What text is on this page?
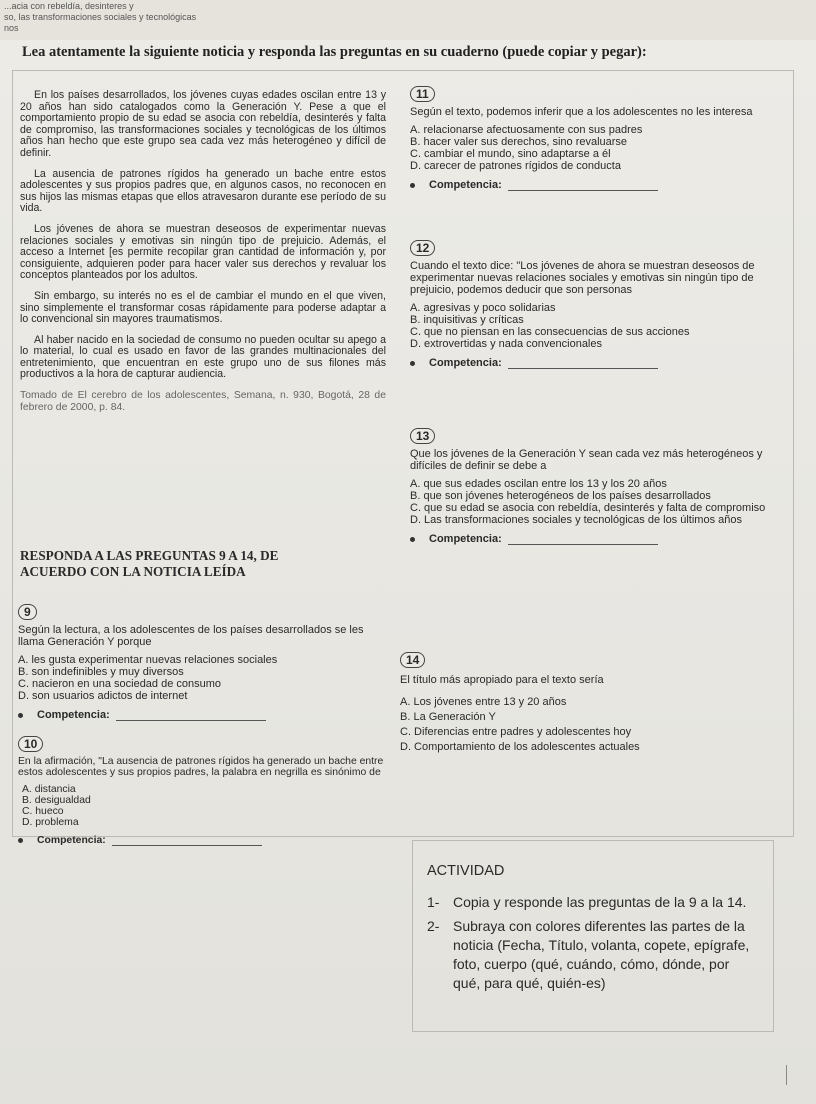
...acia con rebeldía, desinteres y
so, las transformaciones sociales y tecnológicas
nos
Lea atentamente la siguiente noticia y responda las preguntas en su cuaderno (puede copiar y pegar):

En los países desarrollados, los jóvenes cuyas edades oscilan entre 13 y 20 años han sido catalogados como la Generación Y. Pese a que el comportamiento propio de su edad se asocia con rebeldía, desinterés y falta de compromiso, las transformaciones sociales y tecnológicas de los últimos años han hecho que este grupo sea cada vez más heterogéneo y difícil de definir.

La ausencia de patrones rígidos ha generado un bache entre estos adolescentes y sus propios padres que, en algunos casos, no reconocen en sus hijos las mismas etapas que ellos atravesaron durante ese período de su vida.

Los jóvenes de ahora se muestran deseosos de experimentar nuevas relaciones sociales y emotivas sin ningún tipo de prejuicio. Además, el acceso a Internet [es permite recopilar gran cantidad de información y, por consiguiente, adquieren poder para hacer valer sus derechos y revaluar los conceptos planteados por los adultos.

Sin embargo, su interés no es el de cambiar el mundo en el que viven, sino simplemente el transformar cosas rápidamente para poderse adaptar a lo convencional sin mayores traumatismos.

Al haber nacido en la sociedad de consumo no pueden ocultar su apego a lo material, lo cual es usado en favor de las grandes multinacionales del entretenimiento, que encuentran en este grupo uno de sus filones más productivos a la hora de capturar audiencia.

Tomado de El cerebro de los adolescentes, Semana, n. 930, Bogotá, 28 de febrero de 2000, p. 84.

RESPONDA A LAS PREGUNTAS 9 A 14, DE ACUERDO CON LA NOTICIA LEÍDA

9
Según la lectura, a los adolescentes de los países desarrollados se les llama Generación Y porque
A. les gusta experimentar nuevas relaciones sociales
B. son indefinibles y muy diversos
C. nacieron en una sociedad de consumo
D. son usuarios adictos de internet
Competencia:
10
En la afirmación, "La ausencia de patrones rígidos ha generado un bache entre estos adolescentes y sus propios padres, la palabra en negrilla es sinónimo de
A. distancia
B. desigualdad
C. hueco
D. problema
Competencia:
11
Según el texto, podemos inferir que a los adolescentes no les interesa
A. relacionarse afectuosamente con sus padres
B. hacer valer sus derechos, sino revaluarse
C. cambiar el mundo, sino adaptarse a él
D. carecer de patrones rígidos de conducta
Competencia:
12
Cuando el texto dice: "Los jóvenes de ahora se muestran deseosos de experimentar nuevas relaciones sociales y emotivas sin ningún tipo de prejuicio, podemos deducir que son personas
A. agresivas y poco solidarias
B. inquisitivas y críticas
C. que no piensan en las consecuencias de sus acciones
D. extrovertidas y nada convencionales
Competencia:
13
Que los jóvenes de la Generación Y sean cada vez más heterogéneos y difíciles de definir se debe a
A. que sus edades oscilan entre los 13 y los 20 años
B. que son jóvenes heterogéneos de los países desarrollados
C. que su edad se asocia con rebeldía, desinterés y falta de compromiso
D. Las transformaciones sociales y tecnológicas de los últimos años
Competencia:
14
El título más apropiado para el texto sería
A. Los jóvenes entre 13 y 20 años
B. La Generación Y
C. Diferencias entre padres y adolescentes hoy
D. Comportamiento de los adolescentes actuales
ACTIVIDAD
1- Copia y responde las preguntas de la 9 a la 14.
2- Subraya con colores diferentes las partes de la noticia (Fecha, Título, volanta, copete, epígrafe, foto, cuerpo (qué, cuándo, cómo, dónde, por qué, para qué, quién-es)
